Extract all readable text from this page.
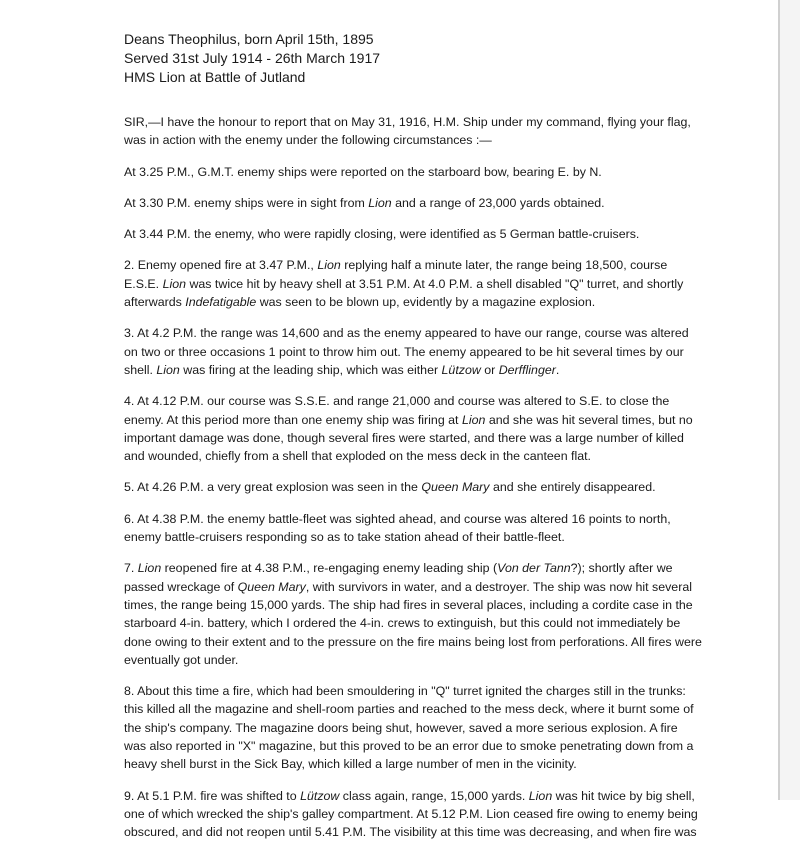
Deans Theophilus, born April 15th, 1895
Served 31st July 1914 - 26th March 1917
HMS Lion at Battle of Jutland

SIR,—I have the honour to report that on May 31, 1916, H.M. Ship under my command, flying your flag,
was in action with the enemy under the following circumstances :—

At 3.25 P.M., G.M.T. enemy ships were reported on the starboard bow, bearing E. by N.

At 3.30 P.M. enemy ships were in sight from Lion and a range of 23,000 yards obtained.

At 3.44 P.M. the enemy, who were rapidly closing, were identified as 5 German battle-cruisers.

2. Enemy opened fire at 3.47 P.M., Lion replying half a minute later, the range being 18,500, course
E.S.E. Lion was twice hit by heavy shell at 3.51 P.M. At 4.0 P.M. a shell disabled "Q" turret, and shortly
afterwards Indefatigable was seen to be blown up, evidently by a magazine explosion.

3. At 4.2 P.M. the range was 14,600 and as the enemy appeared to have our range, course was altered
on two or three occasions 1 point to throw him out. The enemy appeared to be hit several times by our
shell. Lion was firing at the leading ship, which was either Lützow or Derfflinger.

4. At 4.12 P.M. our course was S.S.E. and range 21,000 and course was altered to S.E. to close the
enemy. At this period more than one enemy ship was firing at Lion and she was hit several times, but no
important damage was done, though several fires were started, and there was a large number of killed
and wounded, chiefly from a shell that exploded on the mess deck in the canteen flat.

5. At 4.26 P.M. a very great explosion was seen in the Queen Mary and she entirely disappeared.

6. At 4.38 P.M. the enemy battle-fleet was sighted ahead, and course was altered 16 points to north,
enemy battle-cruisers responding so as to take station ahead of their battle-fleet.

7. Lion reopened fire at 4.38 P.M., re-engaging enemy leading ship (Von der Tann?); shortly after we
passed wreckage of Queen Mary, with survivors in water, and a destroyer. The ship was now hit several
times, the range being 15,000 yards. The ship had fires in several places, including a cordite case in the
starboard 4-in. battery, which I ordered the 4-in. crews to extinguish, but this could not immediately be
done owing to their extent and to the pressure on the fire mains being lost from perforations. All fires were
eventually got under.

8. About this time a fire, which had been smouldering in "Q" turret ignited the charges still in the trunks:
this killed all the magazine and shell-room parties and reached to the mess deck, where it burnt some of
the ship's company. The magazine doors being shut, however, saved a more serious explosion. A fire
was also reported in "X" magazine, but this proved to be an error due to smoke penetrating down from a
heavy shell burst in the Sick Bay, which killed a large number of men in the vicinity.

9. At 5.1 P.M. fire was shifted to Lützow class again, range, 15,000 yards. Lion was hit twice by big shell,
one of which wrecked the ship's galley compartment. At 5.12 P.M. Lion ceased fire owing to enemy being
obscured, and did not reopen until 5.41 P.M. The visibility at this time was decreasing, and when fire was
